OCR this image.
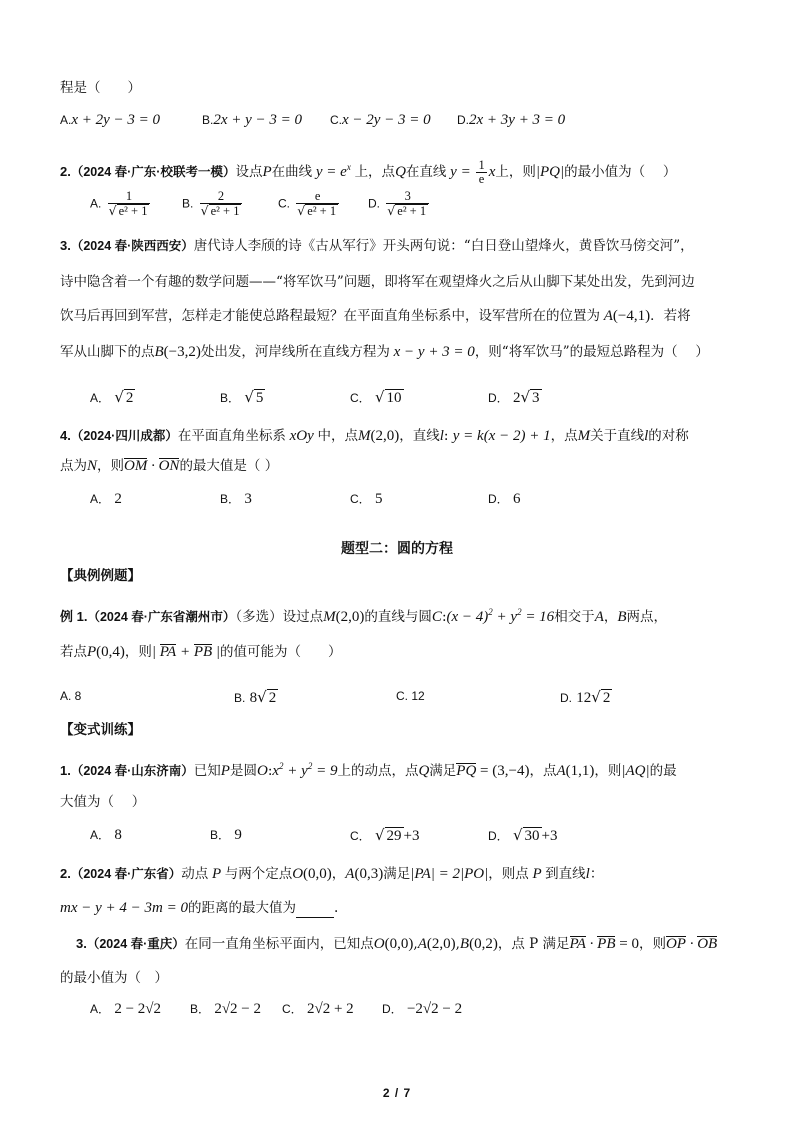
程是（　　）
A.x + 2y − 3 = 0	B.2x + y − 3 = 0 C.x − 2y − 3 = 0 D.2x + 3y + 3 = 0
2.（2024 春·广东·校联考一模）设点P在曲线 $y = e^x$ 上，点Q在直线 $y = \frac{1}{e}$ x上，则|PQ|的最小值为（　 ）
A. $\frac{1}{\text{√ e² + 1}}$	B. $\frac{2}{\text{√ e² + 1}}$	C. $\frac{e}{\text{√ e² + 1}} D$. $\frac{3}{\text{√ e² + 1}}$
3.（2024 春·陕西西安）唐代诗人李颀的诗《古从军行》开头两句说：“白日登山望烽火，黄昏饮马傍交河”，
诗中隐含着一个有趣的数学问题——“将军饮马”问题，即将军在观望烽火之后从山脚下某处出发，先到河边
饮马后再回到军营，怎样走才能使总路程最短？在平面直角坐标系中，设军营所在的位置为 A(−4,1)．若将
军从山脚下的点B(−3,2)处出发，河岸线所在直线方程为 x − y + 3 = 0，则“将军饮马”的最短总路程为（　 ）
A． √ 2	B． √ 5	C． √ 10	D． 2√ 3
4.（2024·四川成都）在平面直角坐标系 xOy 中，点M(2,0)，直线l: y = k(x − 2) + 1，点M关于直线l的对称
点为N，则OM · ON的最大值是（ ）
A． 2	B． 3	C． 5	D． 6
题型二：圆的方程
【典例例题】
例 1.（2024 春·广东省潮州市）（多选）设过点M(2,0)的直线与圆C:(x − $4)^2 + y^2 = 16$相交于A，B两点，
若点P(0,4)，则| PA + PB |的值可能为（　　）
A. 8	B. 8√ 2	C. 12	D. 12√ 2
【变式训练】
1.（2024 春·山东济南）已知P是圆$O:x^2 + y^2 = 9$上的动点，点Q满足PQ = (3,−4)，点A(1,1)，则|AQ|的最
大值为（　 ）
A． 8	B． 9	C． √ 29 +3	D． √ 30 +3
2.（2024 春·广东省）动点 P 与两个定点O(0,0)，A(0,3)满足|PA| = 2|PO|，则点 P 到直线l：
mx − y + 4 − 3m = 0的距离的最大值为	.
3.（2024 春·重庆）在同一直角坐标平面内，已知点O(0,0),A(2,0),B(0,2)，点 P 满足PA · PB = 0，则OP · OB
的最小值为（　）
A． 2 − 2√2 B． 2√2 − 2 C． 2√2 + 2 D． −2√2 − 2
2 / 7
